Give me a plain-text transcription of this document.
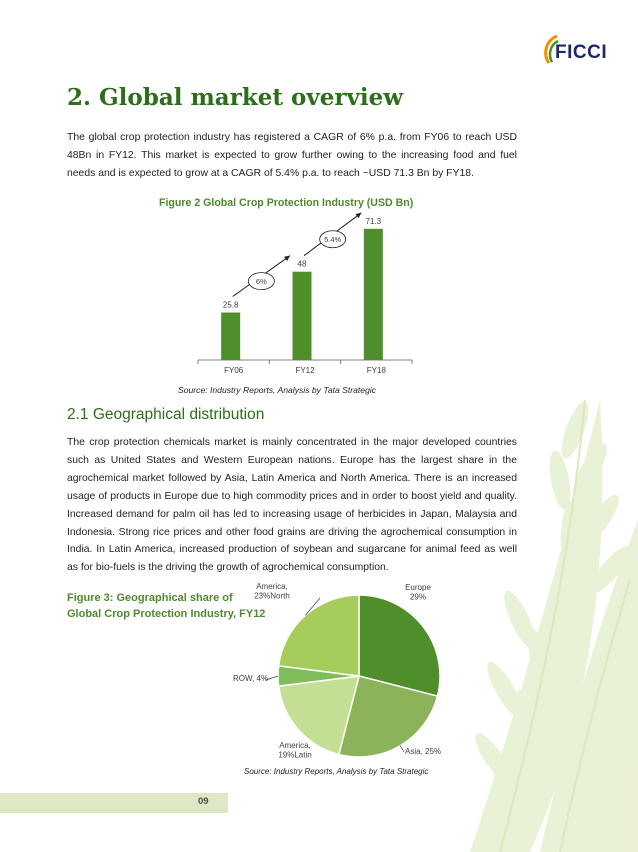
FICCI
2. Global market overview

The global crop protection industry has registered a CAGR of 6% p.a. from FY06 to reach USD 48Bn in FY12. This market is expected to grow further owing to the increasing food and fuel needs and is expected to grow at a CAGR of 5.4% p.a. to reach ~USD 71.3 Bn by FY18.

Figure 2 Global Crop Protection Industry (USD Bn)

25.8
FY06
48
FY12
71.3
FY18
6%
5.4%
Source: Industry Reports, Analysis by Tata Strategic
2.1 Geographical distribution

The crop protection chemicals market is mainly concentrated in the major developed countries such as United States and Western European nations. Europe has the largest share in the agrochemical market followed by Asia, Latin America and North America. There is an increased usage of products in Europe due to high commodity prices and in order to boost yield and quality. Increased demand for palm oil has led to increasing usage of herbicides in Japan, Malaysia and Indonesia. Strong rice prices and other food grains are driving the agrochemical consumption in India. In Latin America, increased production of soybean and sugarcane for animal feed as well as for bio-fuels is the driving the growth of agrochemical consumption.

Figure 3: Geographical share of
Global Crop Protection Industry, FY12

Europe 29%
Asia, 25%
America, 19%Latin
ROW, 4%
America, 23%North
Source: Industry Reports, Analysis by Tata Strategic
09
